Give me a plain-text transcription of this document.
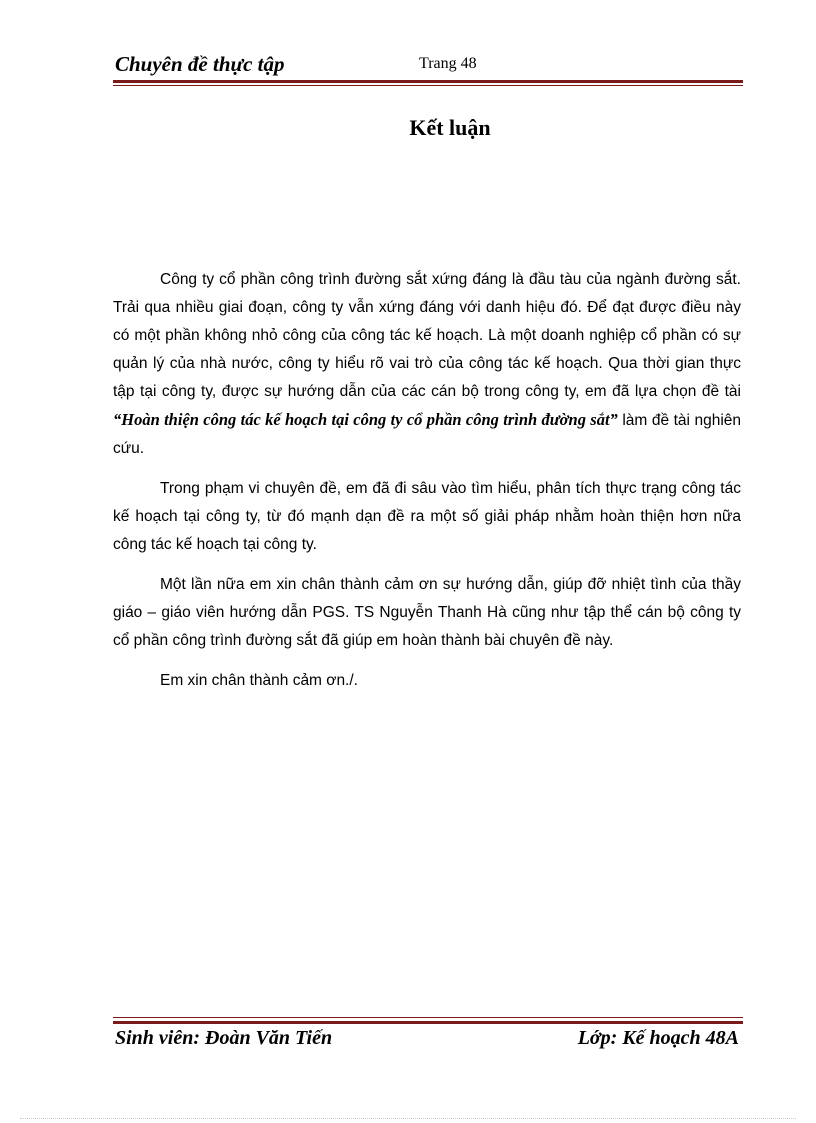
Chuyên đề thực tập	Trang 48
Kết luận

Công ty cổ phần công trình đường sắt xứng đáng là đầu tàu của ngành đường sắt. Trải qua nhiều giai đoạn, công ty vẫn xứng đáng với danh hiệu đó. Để đạt được điều này có một phần không nhỏ công của công tác kế hoạch. Là một doanh nghiệp cổ phần có sự quản lý của nhà nước, công ty hiểu rõ vai trò của công tác kế hoạch. Qua thời gian thực tập tại công ty, được sự hướng dẫn của các cán bộ trong công ty, em đã lựa chọn đề tài “Hoàn thiện công tác kế hoạch tại công ty cổ phần công trình đường sắt” làm đề tài nghiên cứu.

Trong phạm vi chuyên đề, em đã đi sâu vào tìm hiểu, phân tích thực trạng công tác kế hoạch tại công ty, từ đó mạnh dạn đề ra một số giải pháp nhằm hoàn thiện hơn nữa công tác kế hoạch tại công ty.

Một lần nữa em xin chân thành cảm ơn sự hướng dẫn, giúp đỡ nhiệt tình của thầy giáo – giáo viên hướng dẫn PGS. TS Nguyễn Thanh Hà cũng như tập thể cán bộ công ty cổ phần công trình đường sắt đã giúp em hoàn thành bài chuyên đề này.

Em xin chân thành cảm ơn./.

Sinh viên: Đoàn Văn Tiến	Lớp: Kế hoạch 48A
